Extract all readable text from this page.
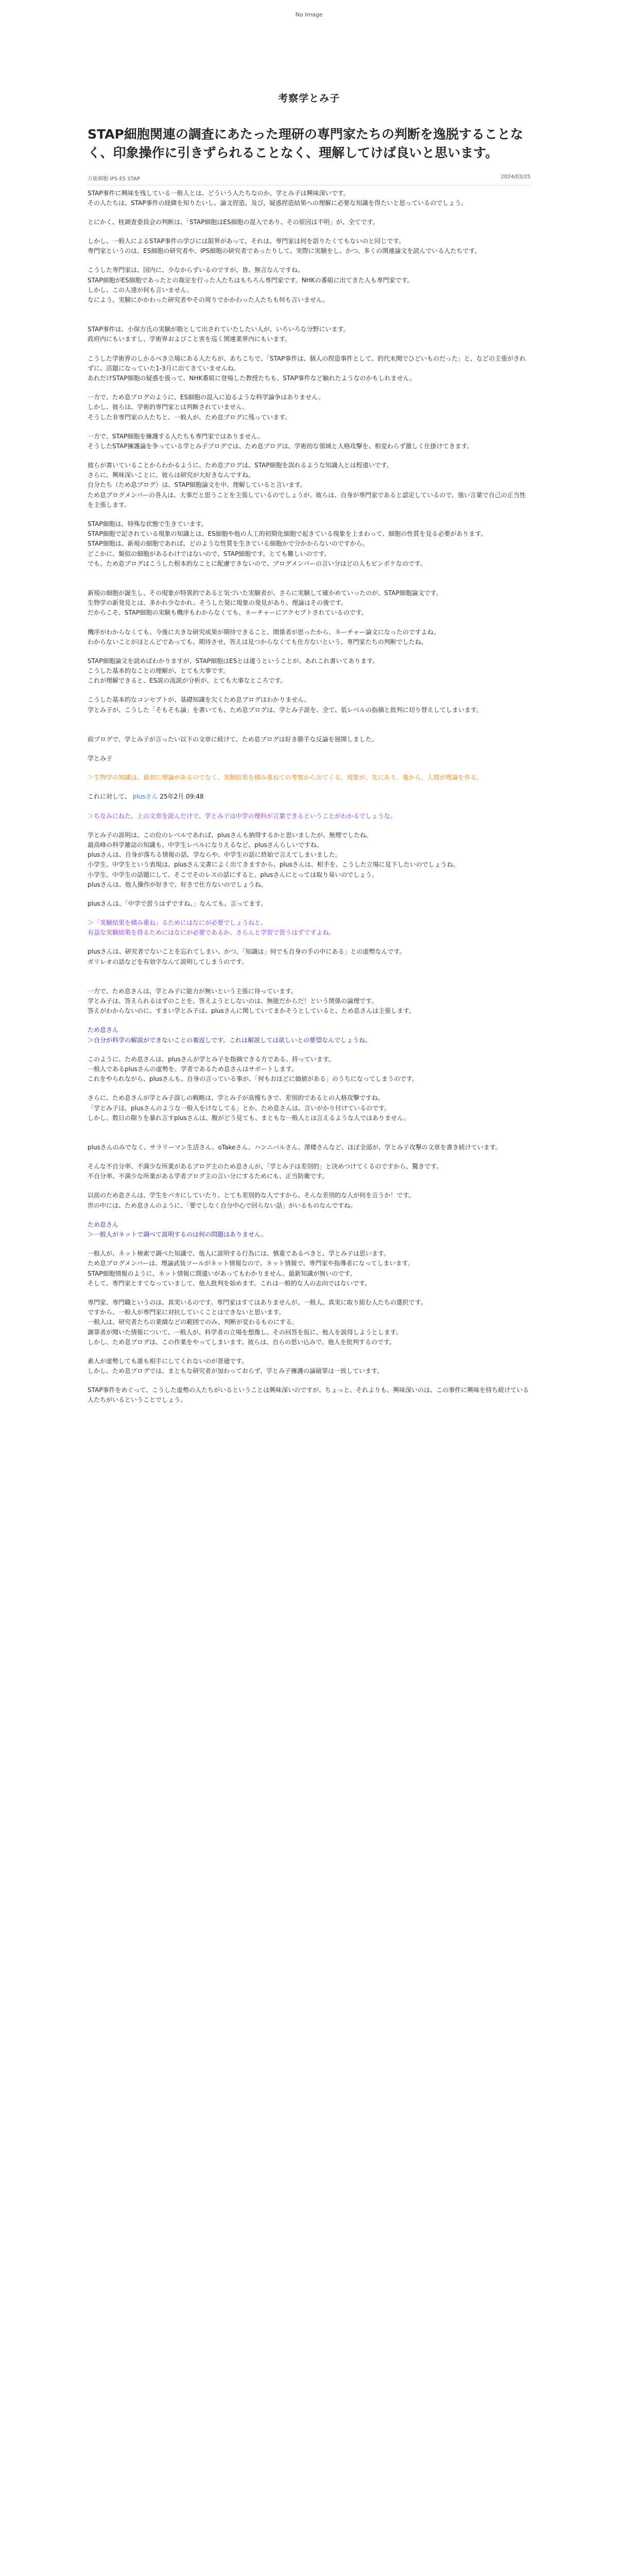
No Image
考察学とみ子
STAP細胞関連の調査にあたった理研の専門家たちの判断を逸脱することなく、印象操作に引きずられることなく、理解してけば良いと思います。
万能細胞 iPS ES STAP	2024/03/25

STAP事件に興味を残している一般人とは、どういう人たちなのか、学とみ子は興味深いです。
その人たちは、STAP事件の経緯を知りたいし、論文捏造、及び、疑惑捏造結果への理解に必要な知識を得たいと思っているのでしょう。

とにかく、桂調査委員会の判断は、「STAP細胞はES細胞の混入であり、その原因は不明」が、全てです。

しかし、一般人によるSTAP事件の学びには限界があって、それは、専門家は何を語りたくてもないのと同じです。
専門家というのは、ES細胞の研究者や、iPS細胞の研究者であったりして、実際に実験をし、かつ、多くの関連論文を読んでいる人たちです。

こうした専門家は、国内に、少なからずいるのですが、皆、無言なんですね。
STAP細胞がES細胞であったとの裁定を行った人たちはもちろん専門家です。NHKの番組に出てきた人も専門家です。
しかし、この人達が何も言いません。
なによう、実験にかかわった研究者やその周りでかかわった人たちも何も言いません。

STAP事件は、小保方氏の実験が勘として出されていたしたい人が、いろいろな分野にいます。
政府内にもいますし、学術界およびこと害を巡く関連業界内にもいます。

こうした学術界のしかるべき立場にある人たちが、あちこちで、「STAP事件は、個人の捏造事件として、的代未聞でひどいものだった」と、などの主張がされずに、活題になっていた1-3月に出てきていませんね。
あれだけSTAP細胞の疑惑を扱って、NHK番組に登場した教授たちも、STAP事件など触れたようなのかもしれません。

一方で、ため息ブログのように、ES細胞の混入に迫るような科学論争はありません。
しかし、彼らは、学術的専門家とは判断されていません。
そうした非専門家の人たちと、一般人が、ため息ブログに残っています。

一方で、STAP細胞を擁護する人たちも専門家ではありません。
そうしたSTAP擁護論を争っている学とみ子ブログでは、ため息ブログは、学術的な領域と人格攻撃を、相変わらず激しく仕掛けてきます。

彼らが書いていることからわかるように、ため息ブログは、STAP細胞を誤れるような知識人とは程遠いです。
さらに、興味深いことに、彼らは研究が大好きなんですね。
自分たち（ため息ブログ）は、STAP細胞論文を中、理解していると言います。
ため息ブログメンバーの各人は、大事だと思うことを主張しているのでしょうが、彼らは、自身が専門家であると認定しているので、強い言葉で自己の正当性を主張します。

STAP細胞は、特殊な状態で生きています。
STAP細胞で記されている現象の知識とは、ES細胞や他の人工的初期化細胞で起きている現象を上まわって、細胞の性質を見る必要があります。
STAP細胞は、新規の細胞であれば、どのような性質を生きている細胞かで分かからないのですから。
どこかに、類似の細胞があるわけではないので、STAP細胞です。とても難しいのです。
でも、ため息ブログはこうした根本的なことに配慮できないので、ブログメンバーの言い分はどの人もピンボケなのです。

新規の細胞が誕生し、その現象が特異的であると気づいた実験者が、さらに実験して確かめていったのが、STAP細胞論文です。
生物学の新発見とは、多かれ少なかれ、そうした発に現象の発見があり、理論はその後です。
だからこそ、STAP細胞の実験も機序もわからなくても、ネーチャーにアクセプトされているのです。

機序がわからなくても、今後に大きな研究成果が期待できること、関係者が思ったから、ネーチャー論文になったのですよね。
わからないことがほとんどであっても、期待させ、答えは見つからなくても仕方ないという、専門家たちの判断でしたね。

STAP細胞論文を読めばわかりますが、STAP細胞はESとは違うということが、あれこれ書いてあります。
こうした基本的なことの理解が、とても大事です。
これが理解できると、ES説の流説が分析が、とても大事なところです。

こうした基本的なコンセプトが、基礎知識を欠くため息ブログはわかりません。
学とみ子が、こうした「そもそも論」を書いても、ため息ブログは、学とみ子説を、全て、低レベルの指摘と批判に切り替えしてしまいます。

前ブログで、学とみ子が言ったい以下の文章に続けて、ため息ブログは好き勝手な反論を展開しました。

学とみ子

＞生物学の知識は、最初に理論があるのでなく、実験結果を積み重ねての考察から出てくる、現象が、先にあり、後から、人間が理論を作る。

これに対して、 plusさん 25年2月 09:48

＞ちなみにねた、上の文章を読んだけで、学とみ子は中学の理科が言葉できるということがわかるでしょうな。

学とみ子の説明は、この位のレベルであれば、plusさんも納得するかと思いましたが、無理でしたね。
最高峰の科学雑誌の知識も、中学生レベルになりえるなど、plusさんらしいですね。
plusさんは、自身が落ちる情報の話、学ならや、中学生の話に終始で言えてしまいました。
小学生、中学生という表現は、plusさん文書によく出てきますから、plusさんは、相手を、こうした立場に見下したいのでしょうね。
小学生、中学生の話題にして、そこでそのレスの話にすると、plusさんにとっては取り易いのでしょう。
plusさんは、他人操作が好きで、好きで仕方ないのでしょうね。

plusさんは、「中学で習うはずですね。」なんても、言ってます。

＞「実験結果を積み重ね」るためにはなにが必要でしょうねと。
有益な実験結果を得るためにはなにが必要であるか、さらんと学習で習うはずですよね。

plusさんは、研究者でないことを忘れてしまい、かつ、「知識は」何でも自身の手の中にある」との虚勢なんです。
ガリレオの話などを有効字なんて説明してしまうのです。

一方で、ため息さんは、学とみ子に能力が無いという主張に待っています。
学とみ子は、答えられるはずのことを、答えようとしないのは、無能だからだ！という関係の論理です。
答えがわからないのに、すまい学とみ子は、plusさんに関していてまかそうとしていると、ため息さんは主張します。

ため息さん
＞自分が科学の解説ができないことの裏返しです。これは解説しては欲しいとの要望なんでしょうね。

このように、ため息さんは、plusさんが学とみ子を指摘できる方である。持っています。
一般人であるplusさんの虚勢を、学者であるため息さんはサポートします。
これをやられながら、plusさんも、自身の言っている事が、「何もおほどに価値がある」のうちになってしまうのです。

さらに、ため息さんが学とみ子誤しの戦略は、学とみ子が高慢ちきで、差別的であるとの人格攻撃ですね。
「学とみ子は、plusさんのような一般人をけなしてる」とか、ため息さんは、言いがかり付けているのです。
しかし、数日の隙りを暴れ言すplusさんは、腹がどう見ても、まともな一般人とは言えるような人ではありません。

plusさんのみでなく、サラリーマン生活さん、oTakeさん、ハンニバルさん、澤楼さんなど、ほぼ全部が、学とみ子攻撃の文章を書き続けています。

そんな不自分率、不満少な所業があるブログ主のため息さんが、「学とみ子は差別的」と決めつけてくるのですから、驚きです。
不自分率、不満少な所業がある学者ブログ主の言い分にするためにも、正当防衛です。

以前のため息さんは、学生をバカにしていたり、とても差別的な人ですから、そんな差別的な人が何を言うか！です。
世の中には、ため息さんのように、「要でしなく自分中心で回らない話」がいるものなんですね。

ため息さん
＞一般人がネットで調べて説明するのは何の問題はありません。

一般人が、ネット検索で調べた知識で、他人に説明する行為には、慎重であるべきと、学とみ子は思います。
ため息ブログメンバーは、理論武装ツールがネット情報なので、ネット情報で、専門家や指導者になってしまいます。
STAP細胞情報のように、ネット情報に間違いがあってもわかりません。最新知識が無いのです。
そして、専門家とすてなっていまして、他人批判を始めます。これは一般的な人の志向ではないです。

専門家、専門職というのは、真実いるのです。専門家はすてはありませんが、一般人、真実に取り組む人たちの選択です。
ですから、一般人が専門家に対抗していくことはできないと思います。
一般人は、研究者たちの業績などの範囲でのみ、判断が変わるものにする。
謝罪者が聞いた情報について、一般人が、科学者の立場を想像し、その回答を仮に、他人を説得しようとします。
しかし、ため息ブログは、この作業をやってしまいます。彼らは、自らの思い込みで、他人を批判するのです。

素人が虚勢しても誰も相手にしてくれないのが普通です。
しかし、ため息ブログでは、まともな研究者が加わっておらず、学とみ子擁護の論破罪は一致しています。

STAP事件をめぐって、こうした虚勢の人たちがいるということは興味深いのですが、ちょっと、それよりも、興味深いのは、この事件に興味を持ち続けている人たちがいるということでしょう。
